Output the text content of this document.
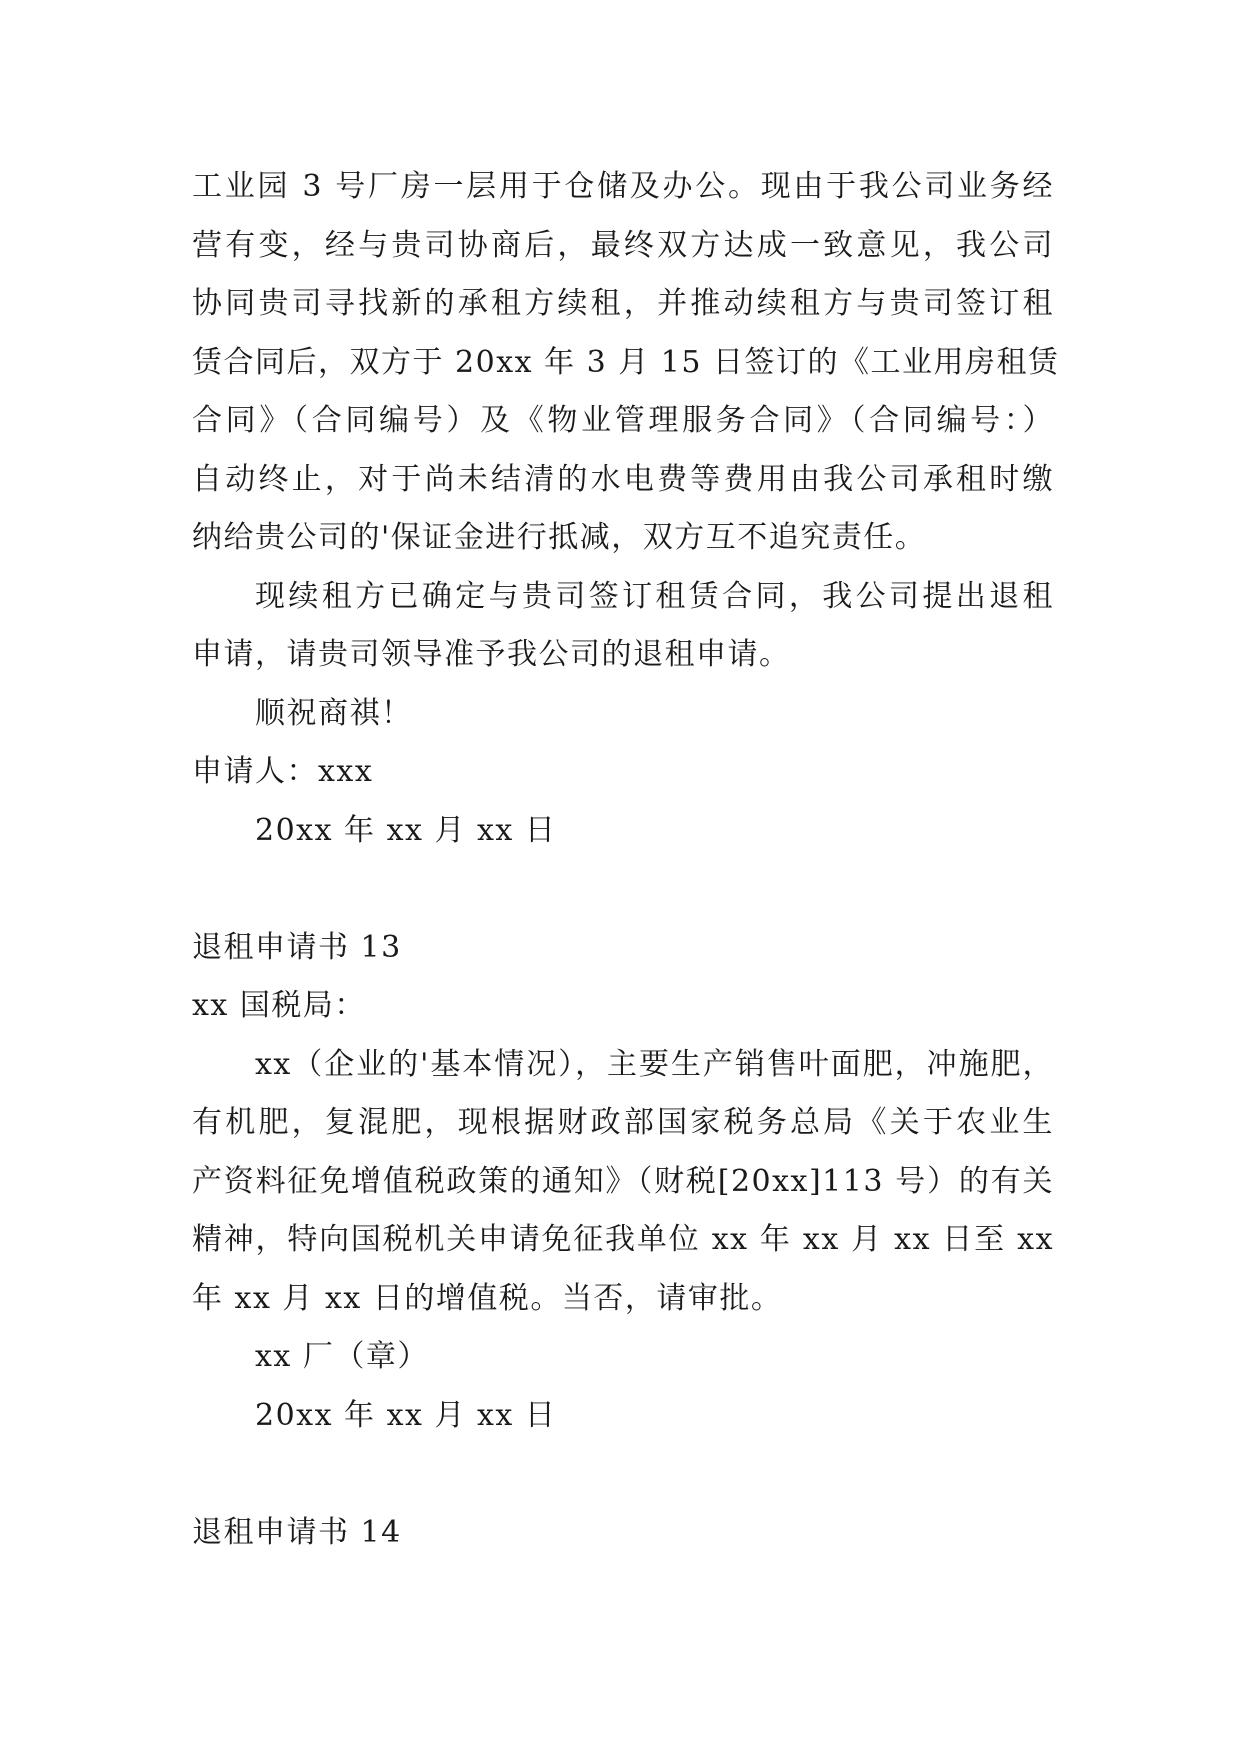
工业园 3 号厂房一层用于仓储及办公。现由于我公司业务经
营有变，经与贵司协商后，最终双方达成一致意见，我公司
协同贵司寻找新的承租方续租，并推动续租方与贵司签订租
赁合同后，双方于 20xx 年 3 月 15 日签订的《工业用房租赁
合同》（合同编号）及《物业管理服务合同》（合同编号：）
自动终止，对于尚未结清的水电费等费用由我公司承租时缴
纳给贵公司的'保证金进行抵减，双方互不追究责任。
现续租方已确定与贵司签订租赁合同，我公司提出退租
申请，请贵司领导准予我公司的退租申请。
顺祝商祺！
申请人：xxx
20xx 年 xx 月 xx 日
退租申请书 13
xx 国税局：
xx（企业的'基本情况），主要生产销售叶面肥，冲施肥，
有机肥，复混肥，现根据财政部国家税务总局《关于农业生
产资料征免增值税政策的通知》（财税[20xx]113 号）的有关
精神，特向国税机关申请免征我单位 xx 年 xx 月 xx 日至 xx
年 xx 月 xx 日的增值税。当否，请审批。
xx 厂（章）
20xx 年 xx 月 xx 日
退租申请书 14
